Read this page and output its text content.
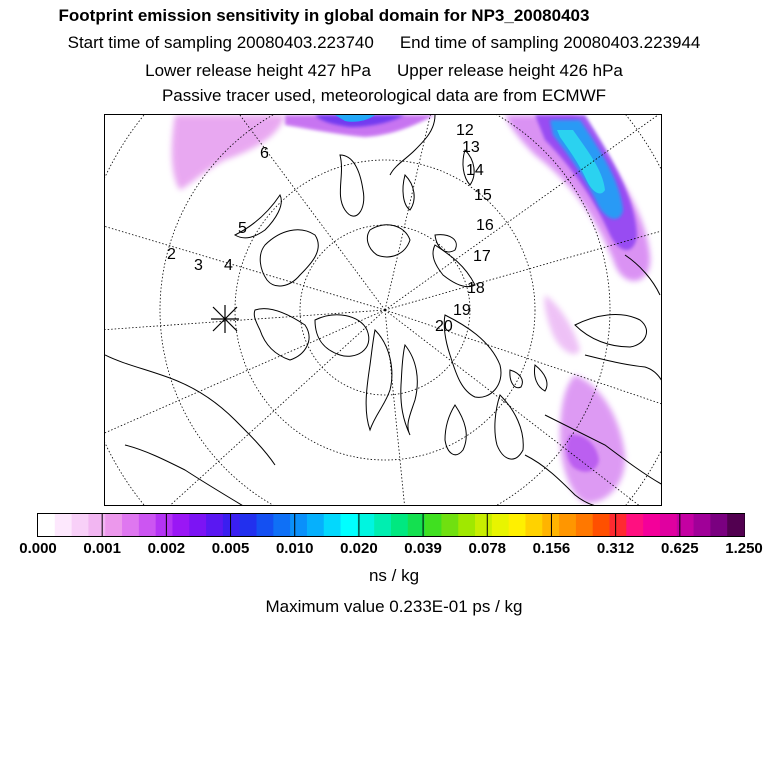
Footprint emission sensitivity in global domain for NP3_20080403
Start time of sampling 20080403.223740 End time of sampling 20080403.223944
Lower release height 427 hPa Upper release height 426 hPa
Passive tracer used, meteorological data are from ECMWF
2
3 4
5
6
12
13
14
15
16
17
18
19
20
0.000 0.001 0.002 0.005 0.010 0.020 0.039 0.078 0.156 0.312 0.625 1.250
ns / kg
Maximum value 0.233E-01 ps / kg
